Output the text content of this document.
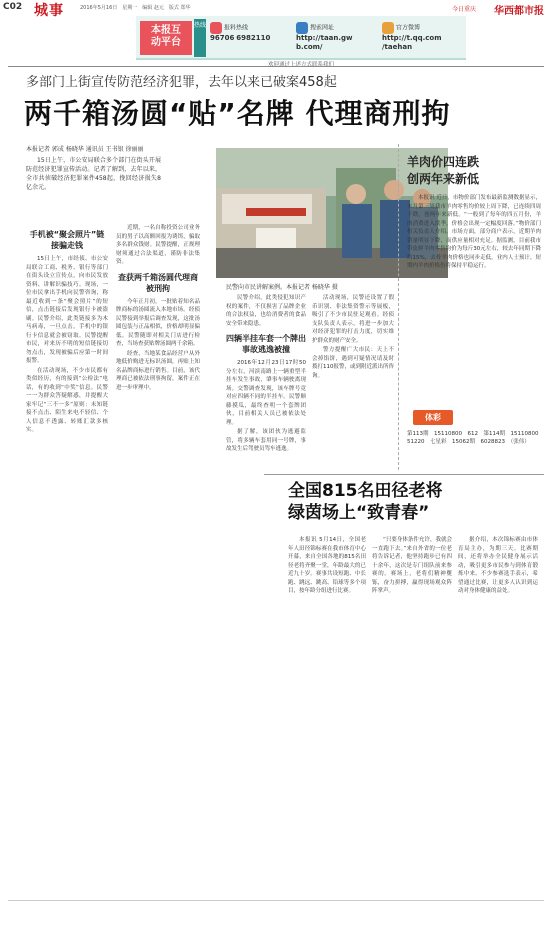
C02 城事	2016年5月16日　星期一　编辑 赵元　版式 郑华	今日重庆 华西都市报
本报互
动平台
热线	报料热线
96706 6982110
搜索网址
http://taan.gw
b.com/
官方微博
http://t.qq.com
/taehan
欢迎通过上述方式联系我们
多部门上街宣传防范经济犯罪，去年以来已破案458起
两千箱汤圆“贴”名牌 代理商刑拘
本报记者 郭成 杨晓华 通讯员 王书银 徐丽丽

15日上午，市公安局联合多个部门在街头开展防范经济犯罪宣传活动。记者了解到，去年以来，全市共侦破经济犯罪案件458起，挽回经济损失8亿余元。

手机被“聚会照片”链接骗走钱

15日上午，市经侦、市公安局联合工商、税务、银行等部门在街头设立宣传点，向市民发放资料、讲解识骗技巧。现场，一位市民拿出手机向民警咨询，称最近收到一条“聚会照片”的短信，点击链接后发现银行卡被盗刷。民警介绍，此类链接多为木马病毒，一旦点击，手机中的银行卡信息就会被窃取。民警提醒市民，对来历不明的短信链接切勿点击，发现被骗后应第一时间报警。

在活动现场，不少市民都有类似经历，有的接到“公检法”电话，有的收到“中奖”信息。民警一一为群众答疑解惑，并提醒大家牢记“三不一多”原则：未知链接不点击、陌生来电不轻信、个人信息不透露、转账汇款多核实。

近期，一名自称投资公司业务员的男子以高额回报为诱饵，骗取多名群众钱财。民警提醒，正规理财须通过合法渠道，谨防非法集资。

查获两千箱汤圆代理商被刑拘

今年正月初，一批贴着知名品牌商标的汤圆流入本地市场。经侦民警接到举报后调查发现，这批汤圆包装与正品相似，价格却明显偏低。民警随即对相关门店进行检查，当场查获贴牌汤圆两千余箱。

经查，当地某食品经营户从外地低价购进无标识汤圆，再贴上知名品牌商标进行销售。目前，该代理商已被依法刑事拘留，案件正在进一步审理中。

民警向市民讲解案例。本报记者 杨晓华 摄

民警介绍，此类侵犯知识产权的案件，不仅损害了品牌企业的合法权益，也给消费者的食品安全带来隐患。

四辆半挂车套一个牌出事故逃逸被撞

2016年12月23日17时50分左右，河滨南路上一辆重型半挂车发生事故，肇事车辆驶离现场。交警调查发现，该车牌号竟对应四辆不同的半挂车。民警顺藤摸瓜，最终查明一个套牌团伙，目前相关人员已被依法处理。

据了解，该团伙为逃避监管，将多辆车套用同一号牌，事故发生后驾驶员驾车逃逸。

活动现场，民警还设置了假币识别、非法集资警示等展板，吸引了不少市民驻足观看。经侦支队负责人表示，将进一步加大对经济犯罪的打击力度，切实维护群众的财产安全。

警方提醒广大市民：天上不会掉馅饼，遇到可疑情况请及时拨打110报警，或到附近派出所咨询。

羊肉价四连跌
创两年来新低

本报讯 近日，市物价部门发布最新监测数据显示，本月第三周我市羊肉零售均价较上周下降，已连续四周下跌，创两年来新低。“一般到了每年的四五月份，羊肉消费进入淡季，价格会出现一定幅度回落。”物价部门相关负责人介绍。市场方面，部分商户表示，近期羊肉销量明显下降，而供应量相对充足。据监测，目前我市带皮鲜羊肉零售均价为每斤30元左右，较去年同期下降约15%，去骨羊肉价格也同步走低。业内人士预计，短期内羊肉价格仍将保持平稳运行。

体彩
第113期　15110800　612　第114期　15110800　51220　七星彩　15062期　6028823　（张伟）
全国815名田径老将
绿茵场上“致青春”

本报讯 5月14日，全国老年人田径锦标赛在我市体育中心开幕，来自全国各地的815名田径老将齐聚一堂，年龄最大的已近九十岁。赛事共设短跑、中长跑、跳远、跳高、铅球等多个项目，按年龄分组进行比赛。

“只要身体条件允许，我就会一直跑下去。”来自外省的一位老将告诉记者，他坚持跑步已有四十余年，这次是专门组队前来参赛的。赛场上，老将们精神矍铄，奋力拼搏，赢得现场观众阵阵掌声。

据介绍，本次锦标赛由市体育局主办，为期三天。比赛期间，还将举办全民健身展示活动，吸引更多市民参与到体育锻炼中来。不少参赛选手表示，希望通过比赛，让更多人认识到运动对身体健康的益处。
